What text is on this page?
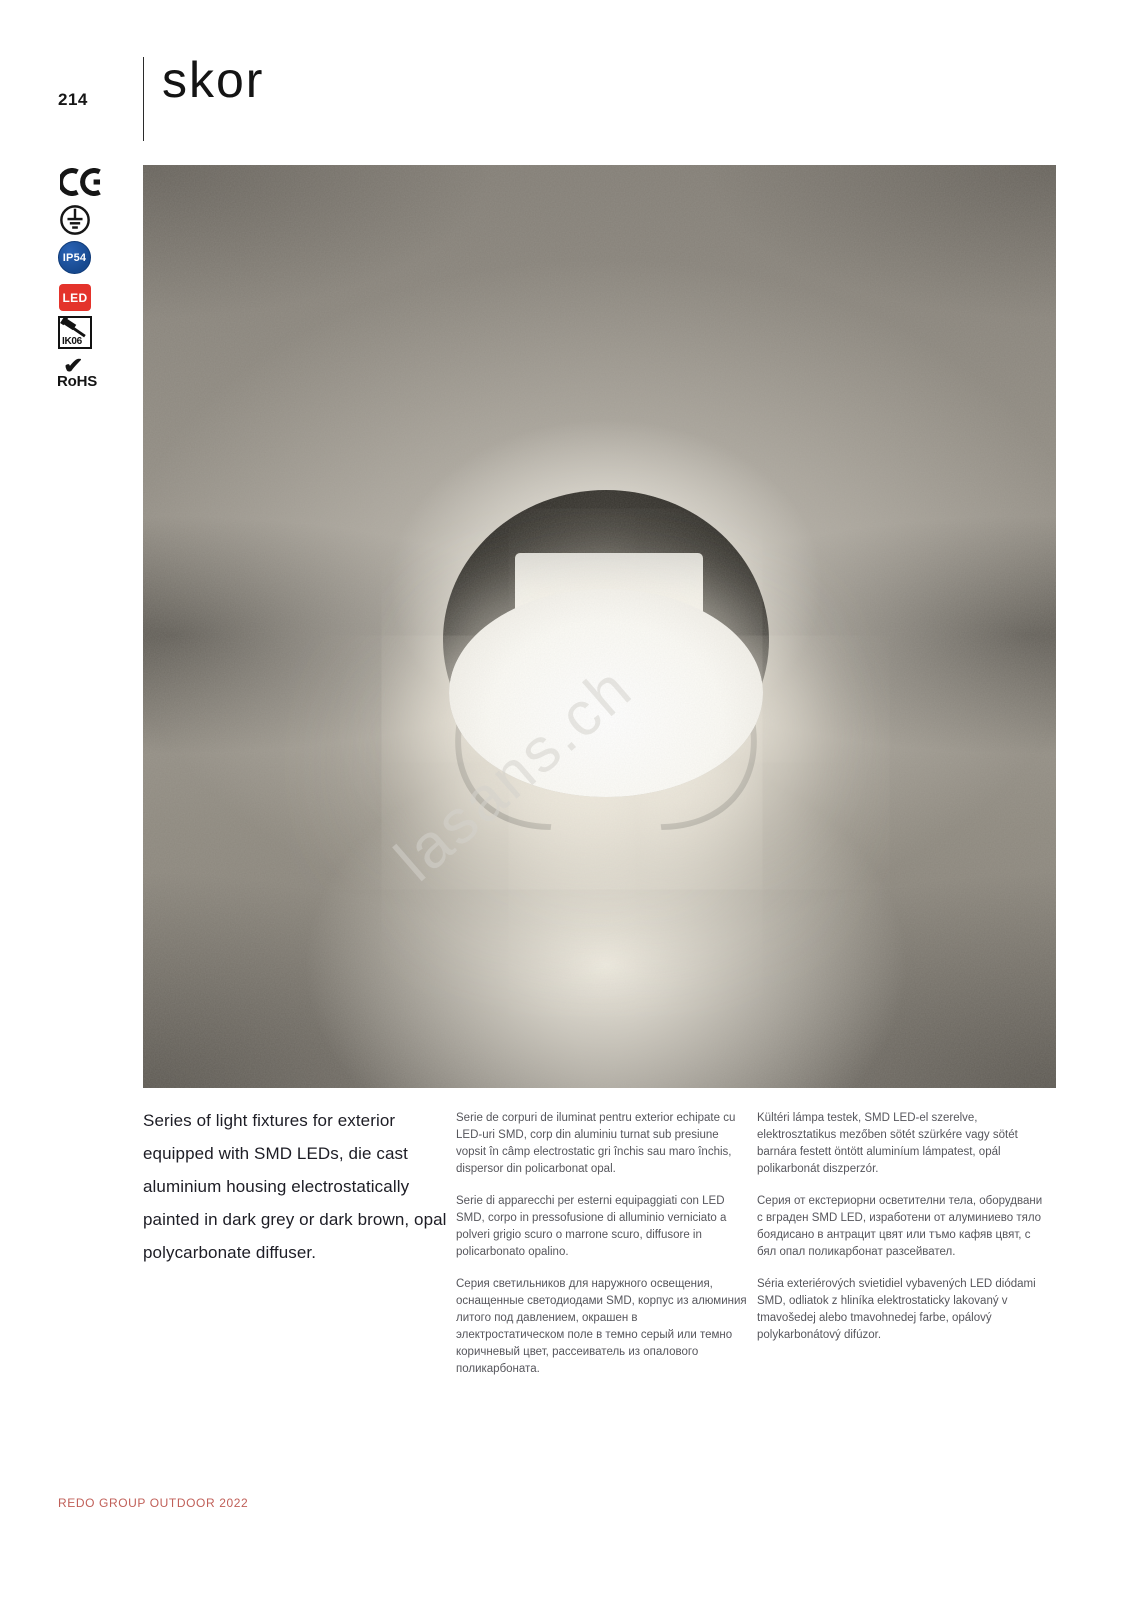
214 skor
IP54
LED
IK06
✔
RoHS
lasans.ch
Series of light fixtures for exterior equipped with SMD LEDs, die cast aluminium housing electrostatically painted in dark grey or dark brown, opal polycarbonate diffuser.

Serie de corpuri de iluminat pentru exterior echipate cu LED-uri SMD, corp din aluminiu turnat sub presiune vopsit în câmp electrostatic gri închis sau maro închis, dispersor din policarbonat opal.

Serie di apparecchi per esterni equipaggiati con LED SMD, corpo in pressofusione di alluminio verniciato a polveri grigio scuro o marrone scuro, diffusore in policarbonato opalino.

Серия светильников для наружного освещения, оснащенные светодиодами SMD, корпус из алюминия литого под давлением, окрашен в электростатическом поле в темно серый или темно коричневый цвет, рассеиватель из опалового поликарбоната.

Kültéri lámpa testek, SMD LED-el szerelve, elektrosztatikus mezőben sötét szürkére vagy sötét barnára festett öntött aluminíum lámpatest, opál polikarbonát diszperzór.

Серия от екстериорни осветителни тела, оборудвани с вграден SMD LED, изработени от алуминиево тяло боядисано в антрацит цвят или тъмо кафяв цвят, с бял опал поликарбонат разсейвател.

Séria exteriérových svietidiel vybavených LED diódami SMD, odliatok z hliníka elektrostaticky lakovaný v tmavošedej alebo tmavohnedej farbe, opálový polykarbonátový difúzor.

REDO GROUP OUTDOOR 2022
